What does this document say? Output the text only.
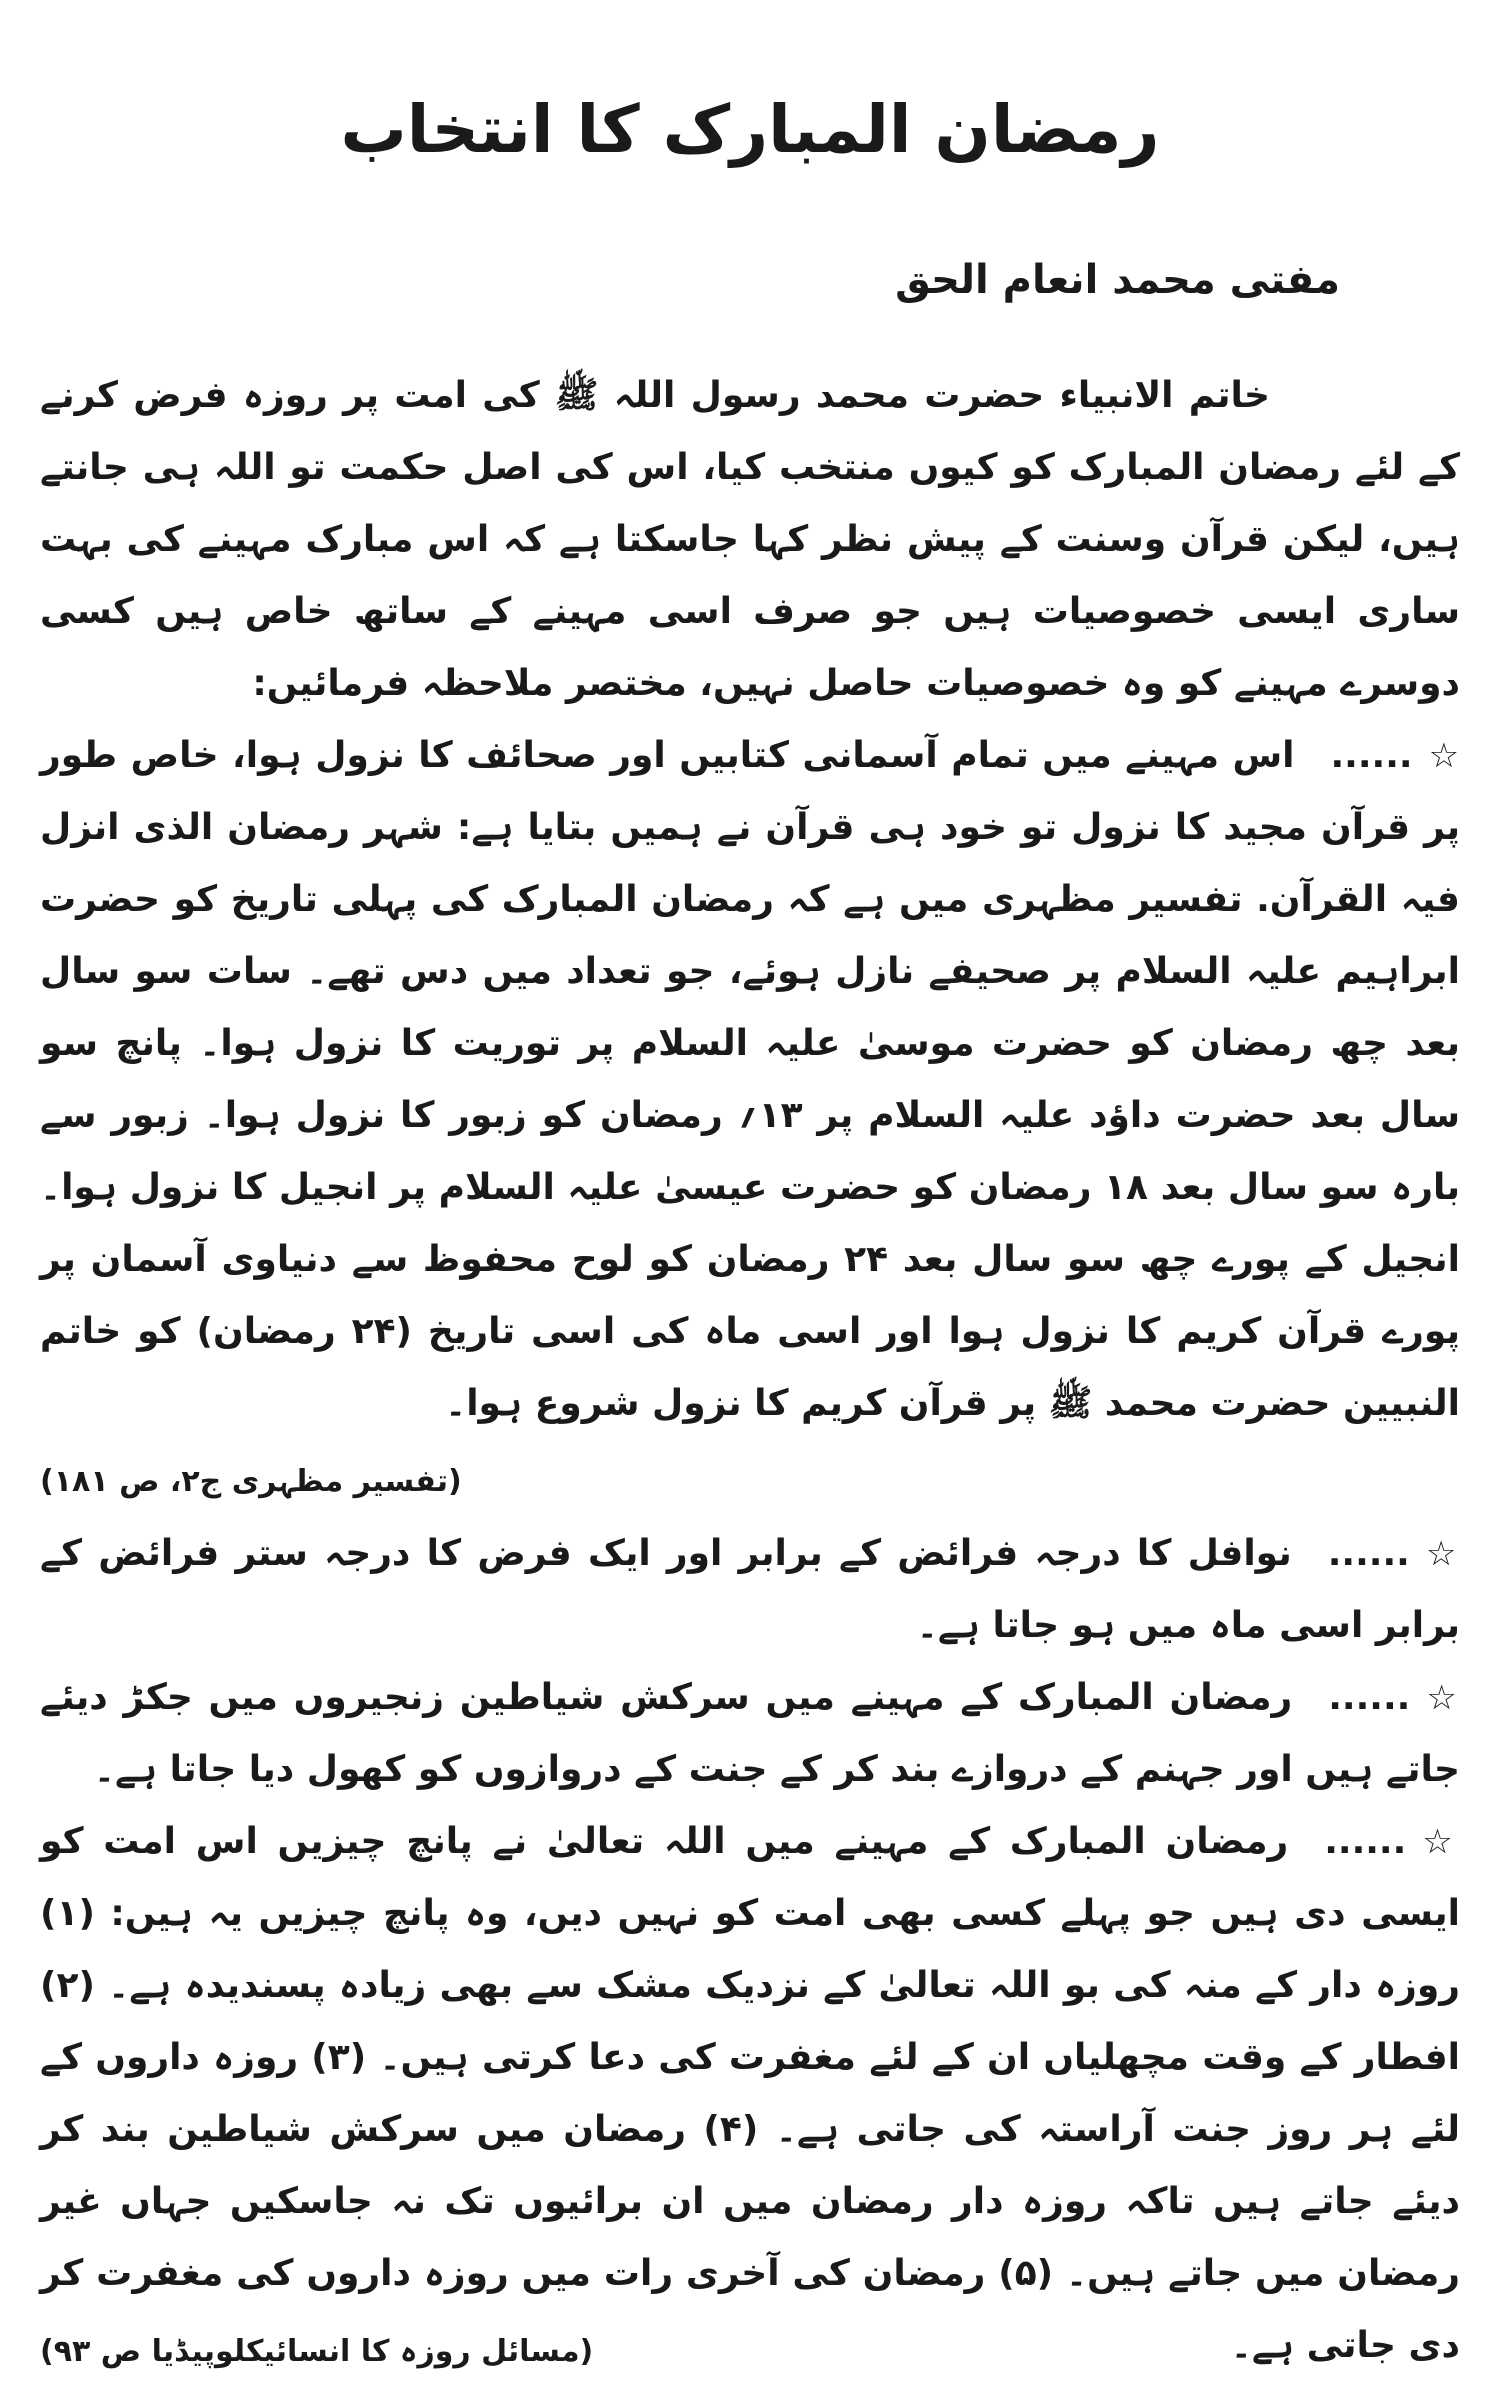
رمضان المبارک کا انتخاب
مفتی محمد انعام الحق

خاتم الانبیاء حضرت محمد رسول اللہ ﷺ کی امت پر روزہ فرض کرنے کے لئے رمضان المبارک کو کیوں منتخب کیا، اس کی اصل حکمت تو اللہ ہی جانتے ہیں، لیکن قرآن وسنت کے پیش نظر کہا جاسکتا ہے کہ اس مبارک مہینے کی بہت ساری ایسی خصوصیات ہیں جو صرف اسی مہینے کے ساتھ خاص ہیں کسی دوسرے مہینے کو وہ خصوصیات حاصل نہیں، مختصر ملاحظہ فرمائیں:

☆......اس مہینے میں تمام آسمانی کتابیں اور صحائف کا نزول ہوا، خاص طور پر قرآن مجید کا نزول تو خود ہی قرآن نے ہمیں بتایا ہے: شہر رمضان الذی انزل فیہ القرآن. تفسیر مظہری میں ہے کہ رمضان المبارک کی پہلی تاریخ کو حضرت ابراہیم علیہ السلام پر صحیفے نازل ہوئے، جو تعداد میں دس تھے۔ سات سو سال بعد چھ رمضان کو حضرت موسیٰ علیہ السلام پر توریت کا نزول ہوا۔ پانچ سو سال بعد حضرت داؤد علیہ السلام پر ۱۳؍ رمضان کو زبور کا نزول ہوا۔ زبور سے بارہ سو سال بعد ۱۸ رمضان کو حضرت عیسیٰ علیہ السلام پر انجیل کا نزول ہوا۔ انجیل کے پورے چھ سو سال بعد ۲۴ رمضان کو لوح محفوظ سے دنیاوی آسمان پر پورے قرآن کریم کا نزول ہوا اور اسی ماہ کی اسی تاریخ (۲۴ رمضان) کو خاتم النبیین حضرت محمد ﷺ پر قرآن کریم کا نزول شروع ہوا۔
(تفسیر مظہری ج۲، ص ۱۸۱)

☆......نوافل کا درجہ فرائض کے برابر اور ایک فرض کا درجہ ستر فرائض کے برابر اسی ماہ میں ہو جاتا ہے۔

☆......رمضان المبارک کے مہینے میں سرکش شیاطین زنجیروں میں جکڑ دیئے جاتے ہیں اور جہنم کے دروازے بند کر کے جنت کے دروازوں کو کھول دیا جاتا ہے۔

☆......رمضان المبارک کے مہینے میں اللہ تعالیٰ نے پانچ چیزیں اس امت کو ایسی دی ہیں جو پہلے کسی بھی امت کو نہیں دیں، وہ پانچ چیزیں یہ ہیں: (۱) روزہ دار کے منہ کی بو اللہ تعالیٰ کے نزدیک مشک سے بھی زیادہ پسندیدہ ہے۔ (۲) افطار کے وقت مچھلیاں ان کے لئے مغفرت کی دعا کرتی ہیں۔ (۳) روزہ داروں کے لئے ہر روز جنت آراستہ کی جاتی ہے۔ (۴) رمضان میں سرکش شیاطین بند کر دیئے جاتے ہیں تاکہ روزہ دار رمضان میں ان برائیوں تک نہ جاسکیں جہاں غیر رمضان میں جاتے ہیں۔ (۵) رمضان کی آخری رات میں روزہ داروں کی مغفرت کر دی جاتی ہے۔
(مسائل روزہ کا انسائیکلوپیڈیا ص ۹۳)
